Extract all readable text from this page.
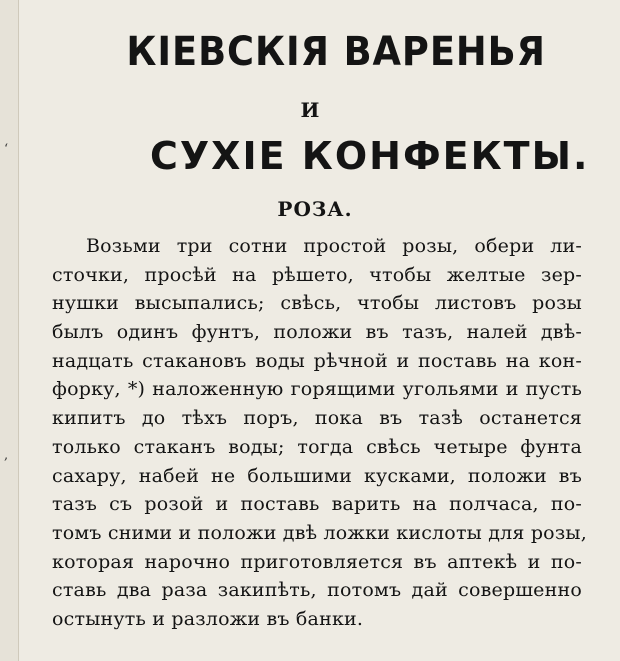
‘
,
КІЕВСКІЯ ВАРЕНЬЯ
И
СУХІЕ КОНФЕКТЫ.
РОЗА.
Возьми три сотни простой розы, обери ли-
сточки, просѣй на рѣшето, чтобы желтые зер-
нушки высыпались; свѣсь, чтобы листовъ розы
былъ одинъ фунтъ, положи въ тазъ, налей двѣ-
надцать стакановъ воды рѣчной и поставь на кон-
форку, *) наложенную горящими угольями и пусть
кипитъ до тѣхъ поръ, пока въ тазѣ останется
только стаканъ воды; тогда свѣсь четыре фунта
сахару, набей не большими кусками, положи въ
тазъ съ розой и поставь варить на полчаса, по-
томъ сними и положи двѣ ложки кислоты для розы,
которая нарочно приготовляется въ аптекѣ и по-
ставь два раза закипѣть, потомъ дай совершенно
остынуть и разложи въ банки.
